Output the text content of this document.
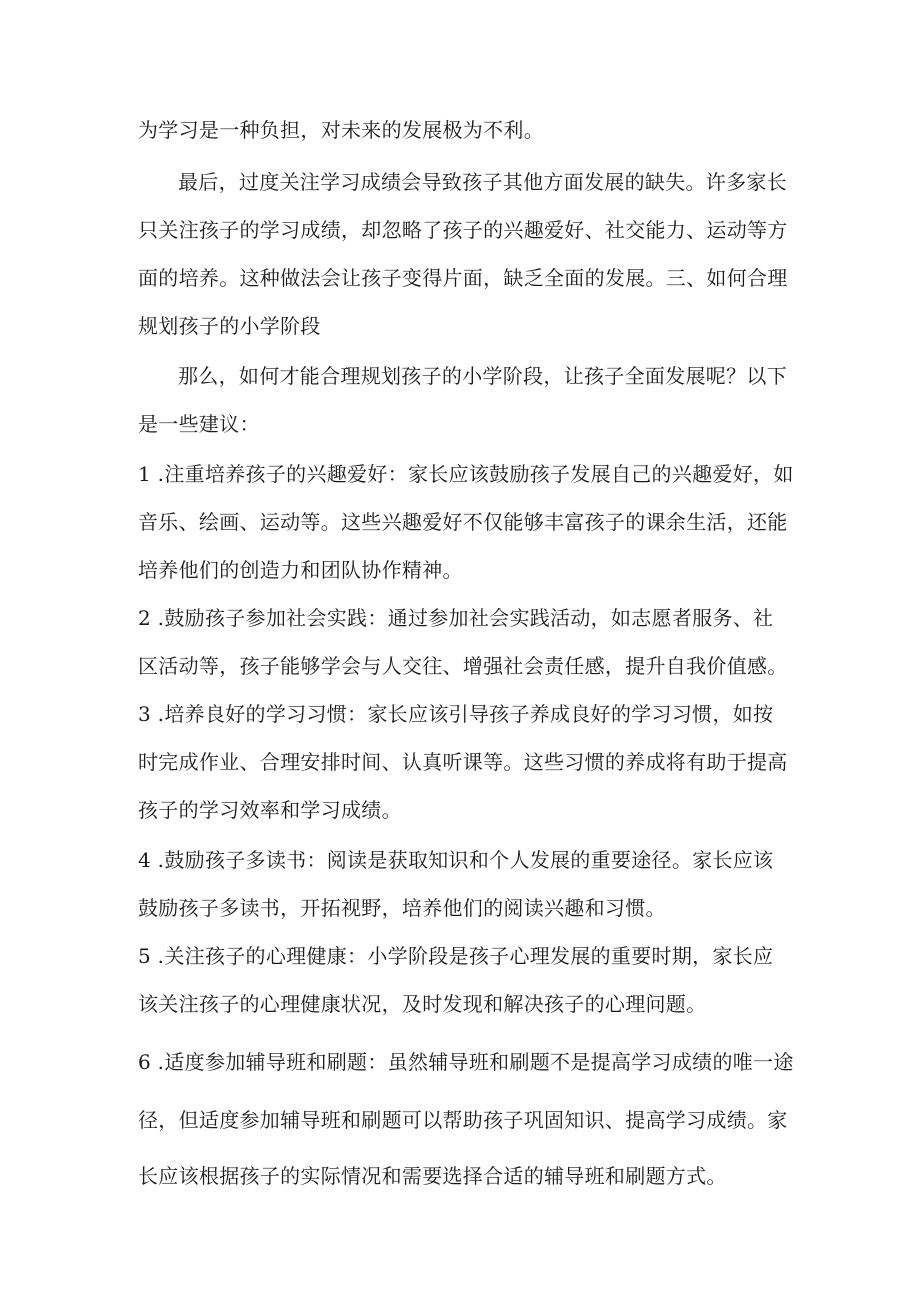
为学习是一种负担，对未来的发展极为不利。
最后，过度关注学习成绩会导致孩子其他方面发展的缺失。许多家长
只关注孩子的学习成绩，却忽略了孩子的兴趣爱好、社交能力、运动等方
面的培养。这种做法会让孩子变得片面，缺乏全面的发展。三、如何合理
规划孩子的小学阶段
那么，如何才能合理规划孩子的小学阶段，让孩子全面发展呢？以下
是一些建议：
1 .注重培养孩子的兴趣爱好：家长应该鼓励孩子发展自己的兴趣爱好，如
音乐、绘画、运动等。这些兴趣爱好不仅能够丰富孩子的课余生活，还能
培养他们的创造力和团队协作精神。
2 .鼓励孩子参加社会实践：通过参加社会实践活动，如志愿者服务、社
区活动等，孩子能够学会与人交往、增强社会责任感，提升自我价值感。
3 .培养良好的学习习惯：家长应该引导孩子养成良好的学习习惯，如按
时完成作业、合理安排时间、认真听课等。这些习惯的养成将有助于提高
孩子的学习效率和学习成绩。
4 .鼓励孩子多读书：阅读是获取知识和个人发展的重要途径。家长应该
鼓励孩子多读书，开拓视野，培养他们的阅读兴趣和习惯。
5 .关注孩子的心理健康：小学阶段是孩子心理发展的重要时期，家长应
该关注孩子的心理健康状况，及时发现和解决孩子的心理问题。
6 .适度参加辅导班和刷题：虽然辅导班和刷题不是提高学习成绩的唯一途
径，但适度参加辅导班和刷题可以帮助孩子巩固知识、提高学习成绩。家
长应该根据孩子的实际情况和需要选择合适的辅导班和刷题方式。
